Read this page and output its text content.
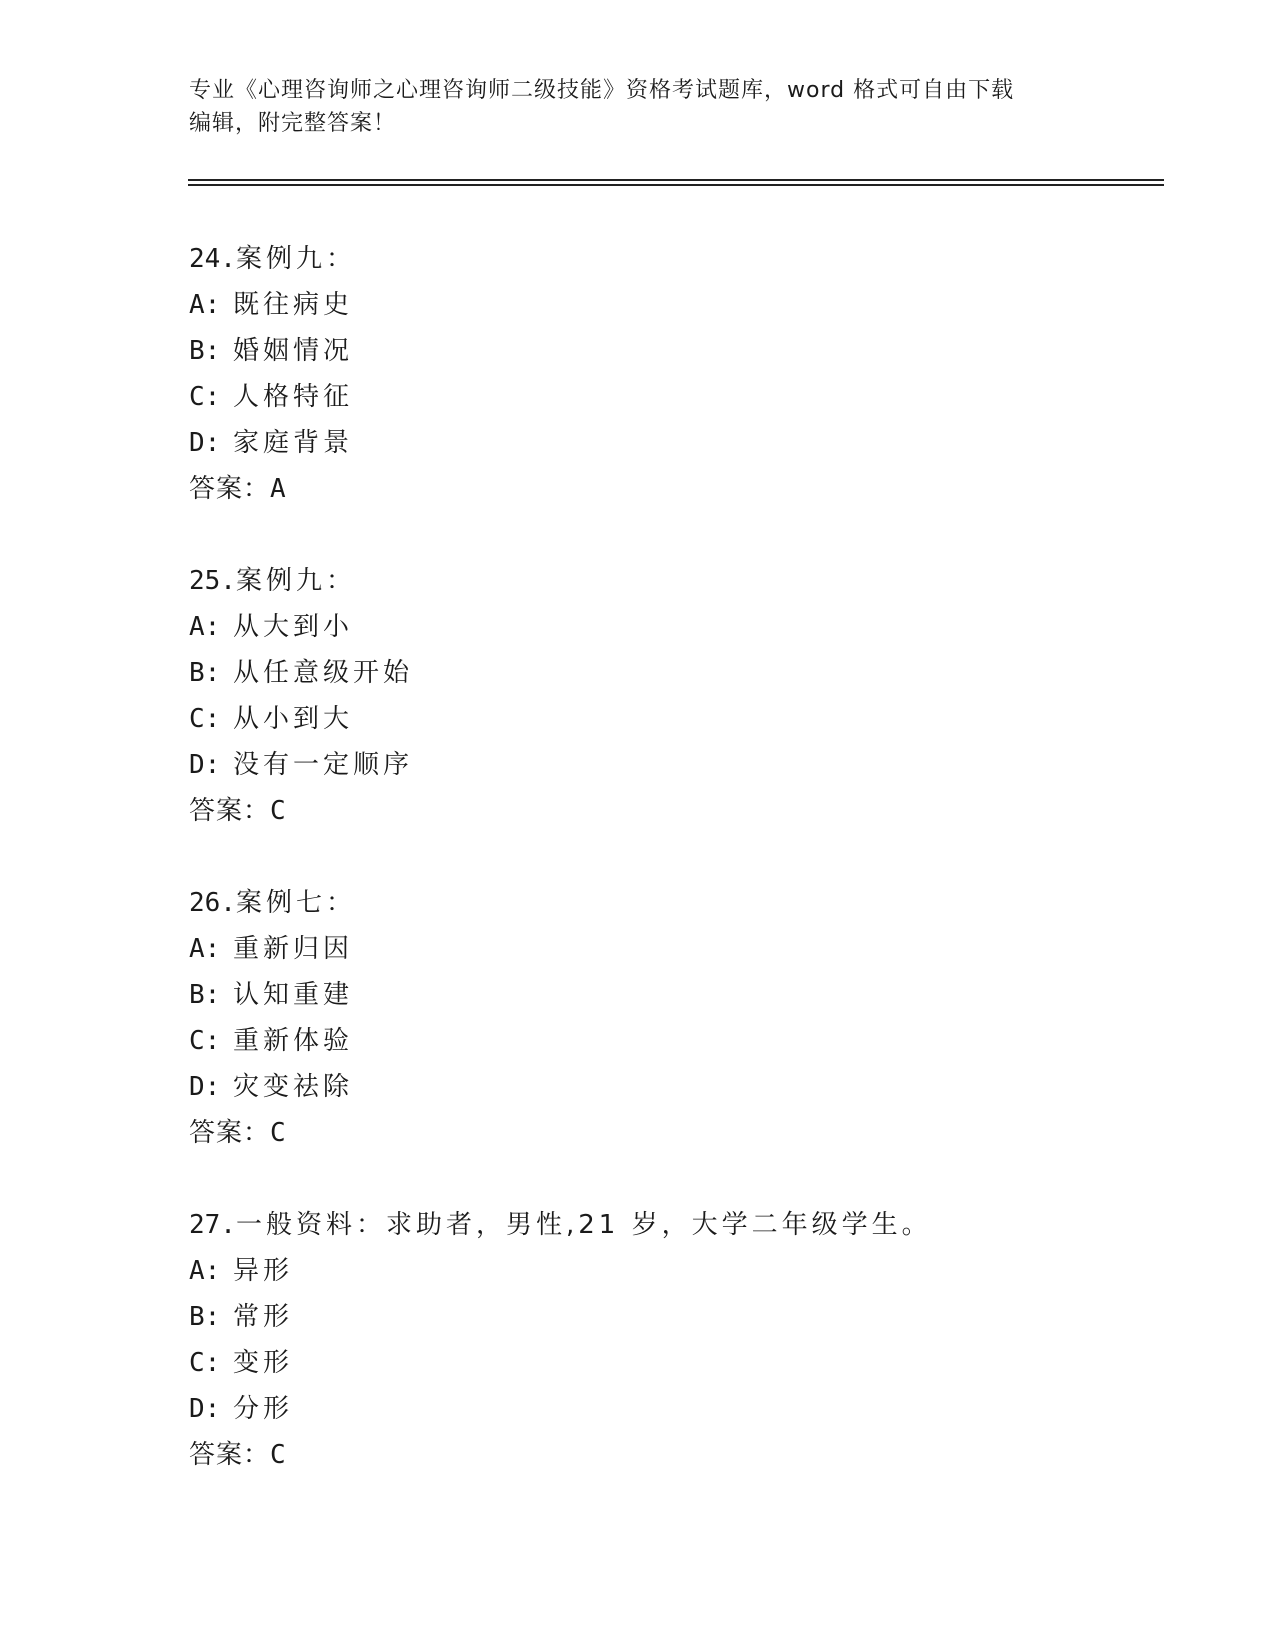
专业《心理咨询师之心理咨询师二级技能》资格考试题库，word 格式可自由下载
编辑，附完整答案！
24. 案例九：
A: 既往病史
B: 婚姻情况
C: 人格特征
D: 家庭背景
答案：A
25. 案例九：
A: 从大到小
B: 从任意级开始
C: 从小到大
D: 没有一定顺序
答案：C
26. 案例七：
A: 重新归因
B: 认知重建
C: 重新体验
D: 灾变祛除
答案：C
27. 一般资料：求助者，男性,21 岁，大学二年级学生。
A: 异形
B: 常形
C: 变形
D: 分形
答案：C
